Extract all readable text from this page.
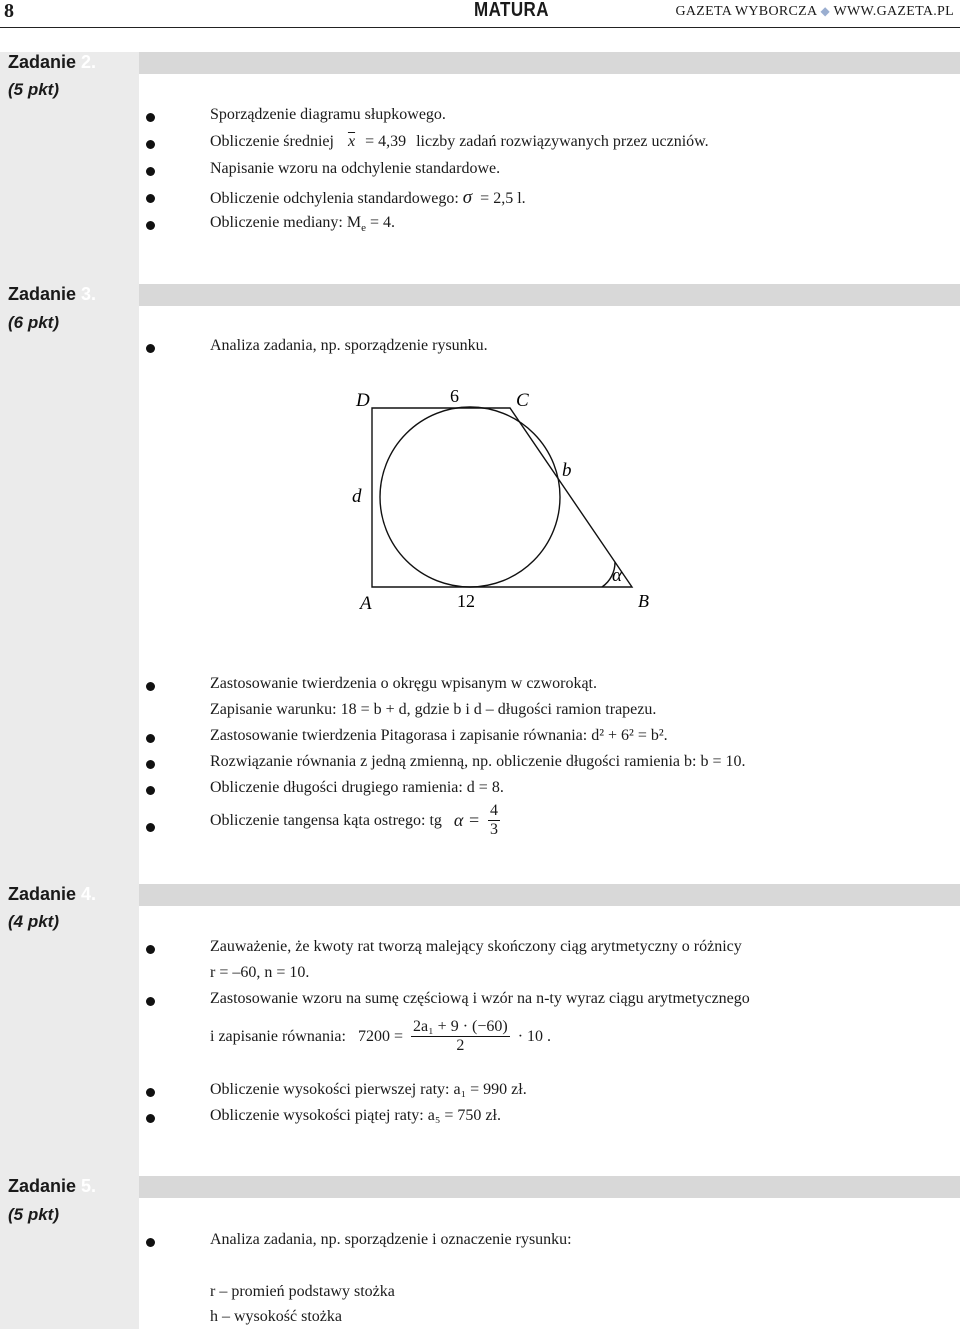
8	MATURA	GAZETA WYBORCZA ◆ WWW.GAZETA.PL
Zadanie 2.
(5 pkt)
Sporządzenie diagramu słupkowego.
Obliczenie średniej $\overline{x} = 4,39$ liczby zadań rozwiązywanych przez uczniów.
Napisanie wzoru na odchylenie standardowe.
Obliczenie odchylenia standardowego: σ = 2,5 l.
Obliczenie mediany: $M_e = 4$.
Zadanie 3.
(6 pkt)
Analiza zadania, np. sporządzenie rysunku.
D	6	C
b
d
α
A	12	B
Zastosowanie twierdzenia o okręgu wpisanym w czworokąt.
Zapisanie warunku: 18 = b + d, gdzie b i d – długości ramion trapezu.
Zastosowanie twierdzenia Pitagorasa i zapisanie równania: d² + 6² = b².
Rozwiązanie równania z jedną zmienną, np. obliczenie długości ramienia b: b = 10.
Obliczenie długości drugiego ramienia: d = 8.
Obliczenie tangensa kąta ostrego: tg $\alpha = \frac{4}{3}$
Zadanie 4.
(4 pkt)
Zauważenie, że kwoty rat tworzą malejący skończony ciąg arytmetyczny o różnicy
r = –60, n = 10.
Zastosowanie wzoru na sumę częściową i wzór na n-ty wyraz ciągu arytmetycznego
i zapisanie równania: $7200 = \frac{\text{2a₁ + 9 · (−60)}}{2} \cdot 10$ .
Obliczenie wysokości pierwszej raty: a₁ = 990 zł.
Obliczenie wysokości piątej raty: a₅ = 750 zł.
Zadanie 5.
(5 pkt)
Analiza zadania, np. sporządzenie i oznaczenie rysunku:
r – promień podstawy stożka
h – wysokość stożka
